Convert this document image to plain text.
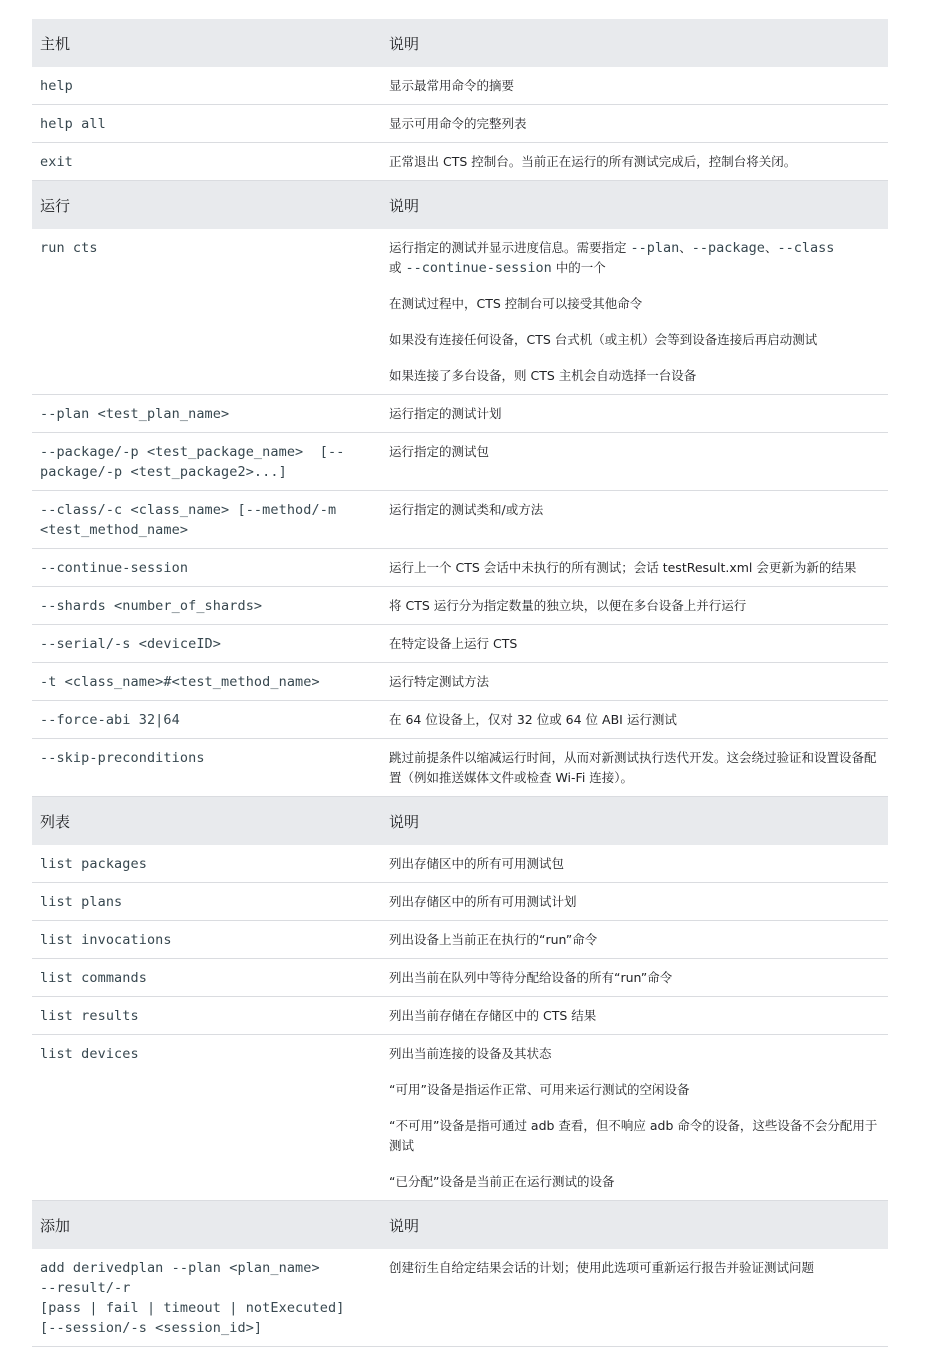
主机	说明
help	显示最常用命令的摘要
help all	显示可用命令的完整列表
exit	正常退出 CTS 控制台。当前正在运行的所有测试完成后，控制台将关闭。
运行	说明
run cts	运行指定的测试并显示进度信息。需要指定 --plan、--package、--class
或 --continue-session 中的一个

在测试过程中，CTS 控制台可以接受其他命令

如果没有连接任何设备，CTS 台式机（或主机）会等到设备连接后再启动测试

如果连接了多台设备，则 CTS 主机会自动选择一台设备

--plan <test_plan_name>	运行指定的测试计划

--package/-p <test_package_name>  [--
package/-p <test_package2>...]	运行指定的测试包

--class/-c <class_name> [--method/-m
<test_method_name>	运行指定的测试类和/或方法

--continue-session	运行上一个 CTS 会话中未执行的所有测试；会话 testResult.xml 会更新为新的结果

--shards <number_of_shards>	将 CTS 运行分为指定数量的独立块，以便在多台设备上并行运行

--serial/-s <deviceID>	在特定设备上运行 CTS

-t <class_name>#<test_method_name>	运行特定测试方法

--force-abi 32|64	在 64 位设备上，仅对 32 位或 64 位 ABI 运行测试

--skip-preconditions	跳过前提条件以缩减运行时间，从而对新测试执行迭代开发。这会绕过验证和设置设备配置（例如推送媒体文件或检查 Wi-Fi 连接）。
列表	说明
list packages	列出存储区中的所有可用测试包
list plans	列出存储区中的所有可用测试计划
list invocations	列出设备上当前正在执行的“run”命令
list commands	列出当前在队列中等待分配给设备的所有“run”命令
list results	列出当前存储在存储区中的 CTS 结果
list devices	列出当前连接的设备及其状态

“可用”设备是指运作正常、可用来运行测试的空闲设备

“不可用”设备是指可通过 adb 查看，但不响应 adb 命令的设备，这些设备不会分配用于测试

“已分配”设备是当前正在运行测试的设备

添加	说明

add derivedplan --plan <plan_name>
--result/-r
[pass | fail | timeout | notExecuted]
[--session/-s <session_id>]	创建衍生自给定结果会话的计划；使用此选项可重新运行报告并验证测试问题
